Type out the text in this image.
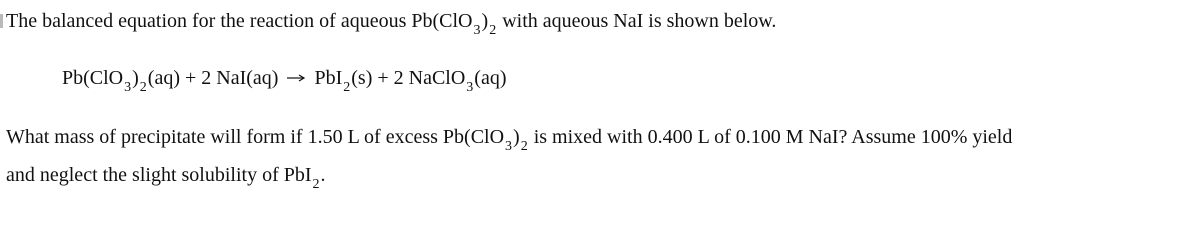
The balanced equation for the reaction of aqueous Pb(ClO3)2 with aqueous NaI is shown below.
Pb(ClO3)2(aq) + 2 NaI(aq) PbI2(s) + 2 NaClO3(aq)
What mass of precipitate will form if 1.50 L of excess Pb(ClO3)2 is mixed with 0.400 L of 0.100 M NaI? Assume 100% yield
and neglect the slight solubility of PbI2.
